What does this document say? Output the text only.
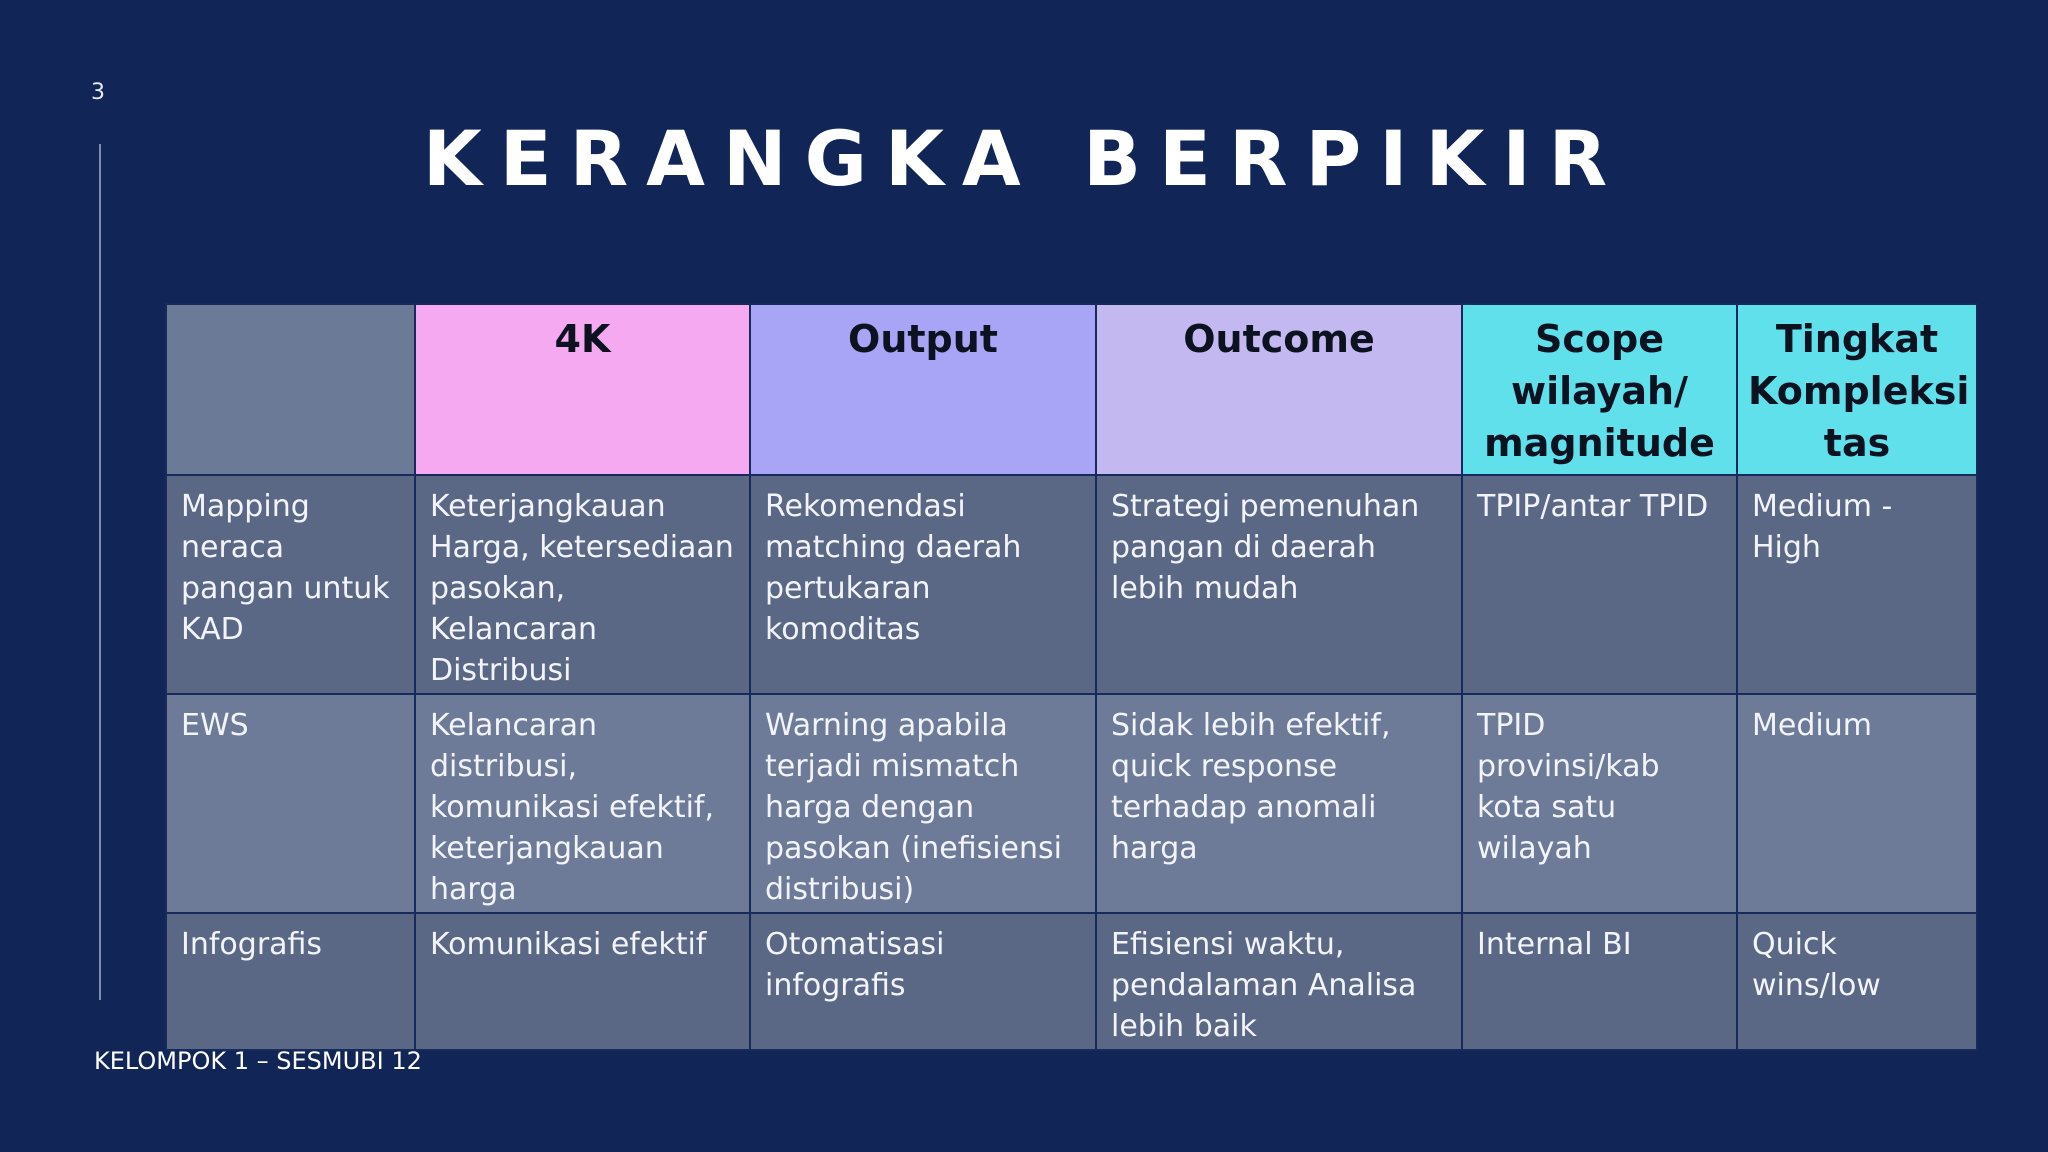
3
KERANGKA BERPIKIR
	4K	Output	Outcome	Scope wilayah/ magnitude	Tingkat Kompleksi tas
Mapping neraca pangan untuk KAD	Keterjangkauan Harga, ketersediaan pasokan, Kelancaran Distribusi	Rekomendasi matching daerah pertukaran komoditas	Strategi pemenuhan pangan di daerah lebih mudah	TPIP/antar TPID	Medium - High
EWS	Kelancaran distribusi, komunikasi efektif, keterjangkauan harga	Warning apabila terjadi mismatch harga dengan pasokan (inefisiensi distribusi)	Sidak lebih efektif, quick response terhadap anomali harga	TPID provinsi/kab kota satu wilayah	Medium
Infografis	Komunikasi efektif	Otomatisasi infografis	Efisiensi waktu, pendalaman Analisa lebih baik	Internal BI	Quick wins/low
KELOMPOK 1 – SESMUBI 12
